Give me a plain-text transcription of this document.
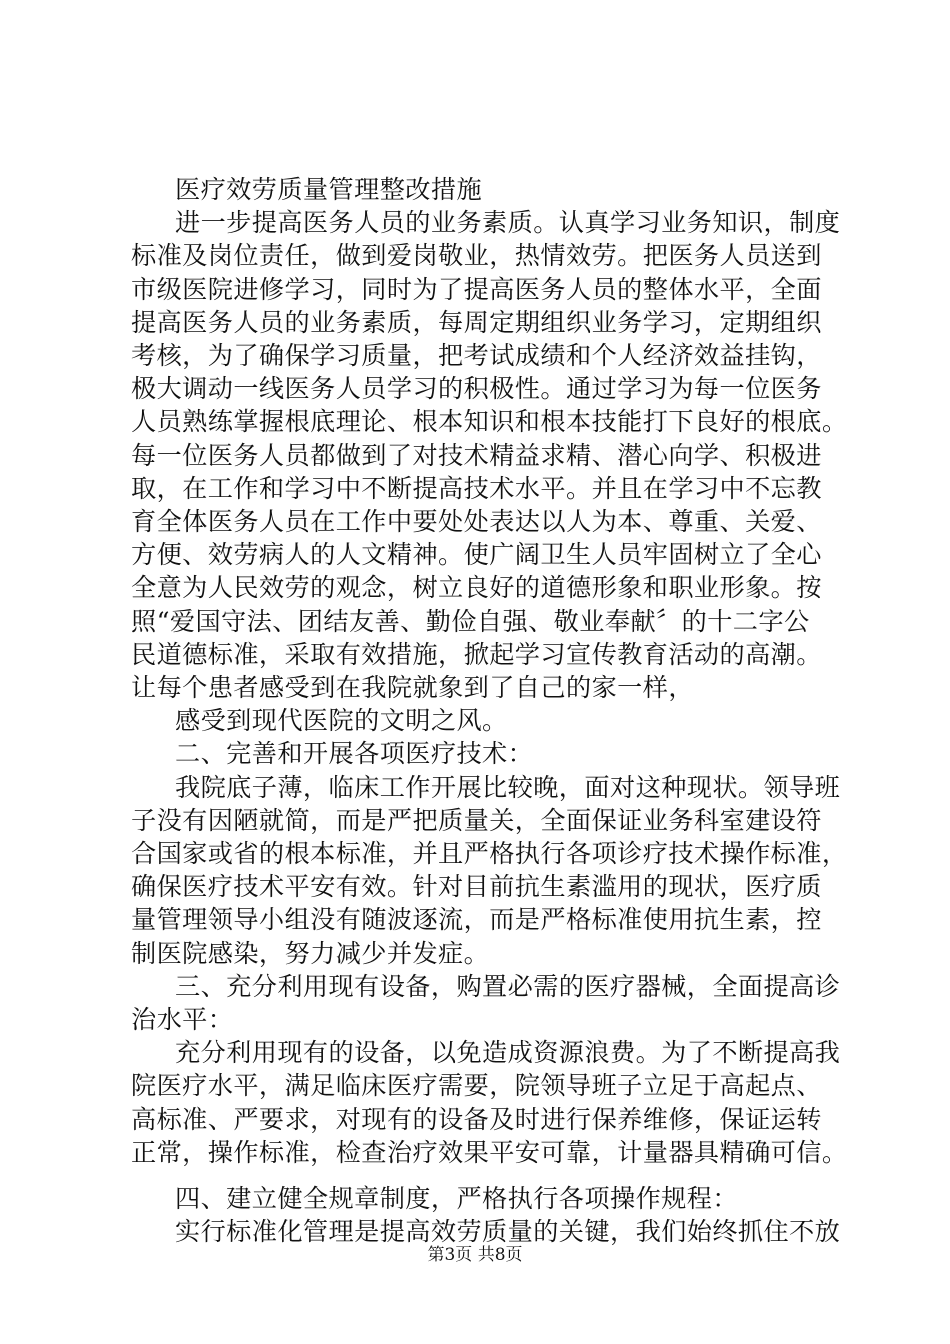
医疗效劳质量管理整改措施
进一步提高医务人员的业务素质。认真学习业务知识，制度
标准及岗位责任，做到爱岗敬业，热情效劳。把医务人员送到
市级医院进修学习，同时为了提高医务人员的整体水平，全面
提高医务人员的业务素质，每周定期组织业务学习，定期组织
考核，为了确保学习质量，把考试成绩和个人经济效益挂钩，
极大调动一线医务人员学习的积极性。通过学习为每一位医务
人员熟练掌握根底理论、根本知识和根本技能打下良好的根底。
每一位医务人员都做到了对技术精益求精、潜心向学、积极进
取，在工作和学习中不断提高技术水平。并且在学习中不忘教
育全体医务人员在工作中要处处表达以人为本、尊重、关爱、
方便、效劳病人的人文精神。使广阔卫生人员牢固树立了全心
全意为人民效劳的观念，树立良好的道德形象和职业形象。按
照“爱国守法、团结友善、勤俭自强、敬业奉献〞的十二字公
民道德标准，采取有效措施，掀起学习宣传教育活动的高潮。
让每个患者感受到在我院就象到了自己的家一样，
感受到现代医院的文明之风。
二、完善和开展各项医疗技术：
我院底子薄，临床工作开展比较晚，面对这种现状。领导班
子没有因陋就简，而是严把质量关，全面保证业务科室建设符
合国家或省的根本标准，并且严格执行各项诊疗技术操作标准，
确保医疗技术平安有效。针对目前抗生素滥用的现状，医疗质
量管理领导小组没有随波逐流，而是严格标准使用抗生素，控
制医院感染，努力减少并发症。
三、充分利用现有设备，购置必需的医疗器械，全面提高诊
治水平：
充分利用现有的设备，以免造成资源浪费。为了不断提高我
院医疗水平，满足临床医疗需要，院领导班子立足于高起点、
高标准、严要求，对现有的设备及时进行保养维修，保证运转
正常，操作标准，检查治疗效果平安可靠，计量器具精确可信。
四、建立健全规章制度，严格执行各项操作规程：
实行标准化管理是提高效劳质量的关键，我们始终抓住不放
第3页 共8页
